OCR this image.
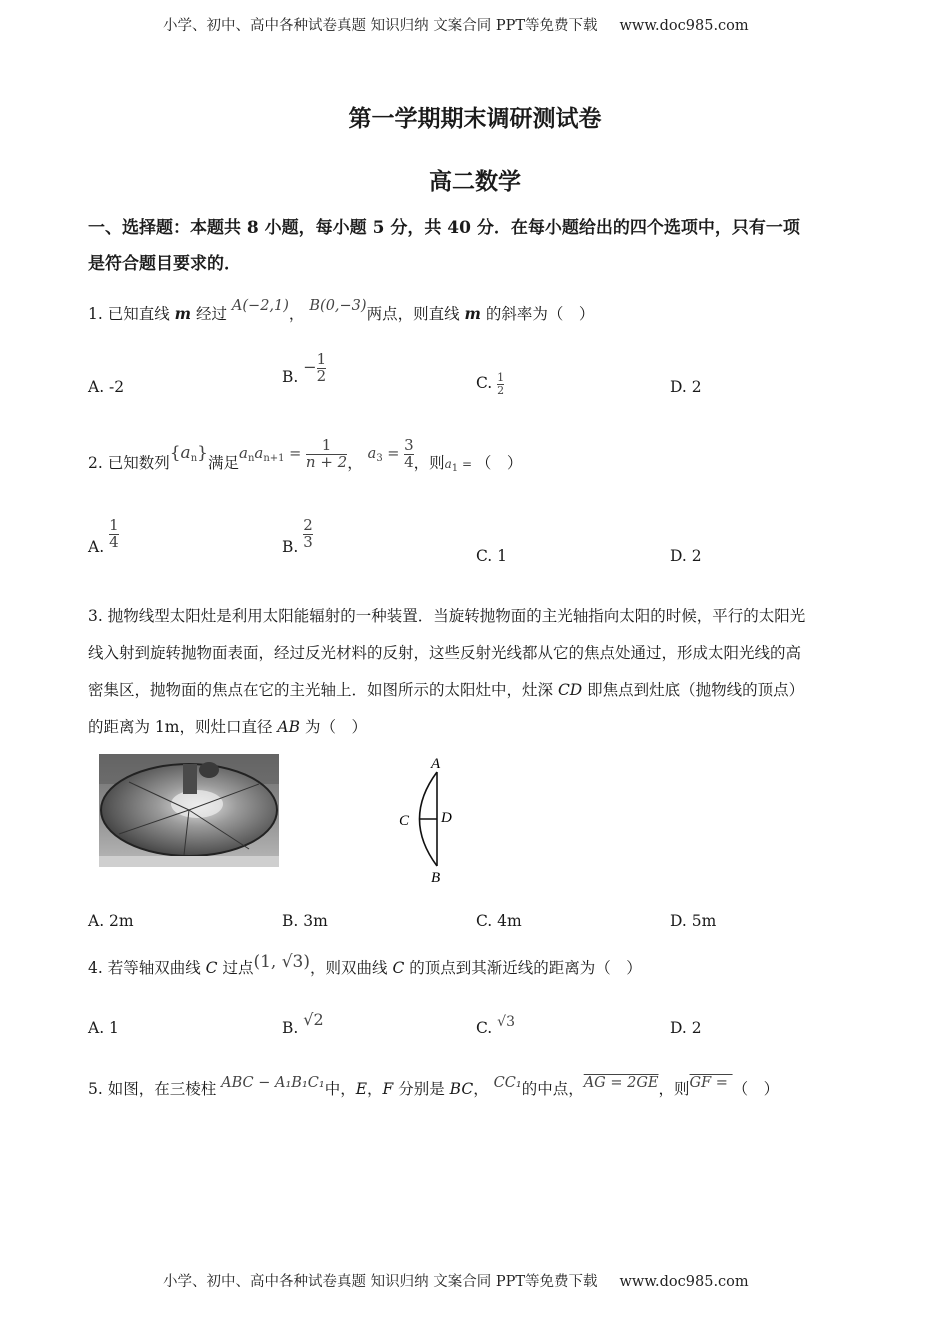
小学、初中、高中各种试卷真题 知识归纳 文案合同 PPT等免费下载 www.doc985.com
第一学期期末调研测试卷
高二数学
一、选择题：本题共 8 小题，每小题 5 分，共 40 分．在每小题给出的四个选项中，只有一项
是符合题目要求的．
1. 已知直线 m 经过 A(−2,1)， B(0,−3)两点，则直线 m 的斜率为（　）
A. -2
B. − $\frac{1}{2}$	C. $\frac{1}{2}$	D. 2
2. 已知数列$\{a_n\}$满足$a_na_{n+1} = \frac{1}{n + 2}$ ， $a_3 = \frac{3}{4}$ ，则$_{a_1}$ $_=$ （　）
A. $\frac{1}{4}$	B. $\frac{2}{3}$
C. 1	D. 2
3. 抛物线型太阳灶是利用太阳能辐射的一种装置．当旋转抛物面的主光轴指向太阳的时候，平行的太阳光
线入射到旋转抛物面表面，经过反光材料的反射，这些反射光线都从它的焦点处通过，形成太阳光线的高
密集区，抛物面的焦点在它的主光轴上．如图所示的太阳灶中，灶深 CD 即焦点到灶底（抛物线的顶点）
的距离为 1m，则灶口直径 AB 为（　）
A
B
C D
A. 2m	B. 3m	C. 4m	D. 5m
4. 若等轴双曲线 C 过点(1, √3)，则双曲线 C 的顶点到其渐近线的距离为（　）
A. 1	B. √2	C. √3	D. 2
5. 如图，在三棱柱 ABC − A₁B₁C₁中，E，F 分别是 BC， CC₁的中点，AG = 2GE，则GF = （　）
小学、初中、高中各种试卷真题 知识归纳 文案合同 PPT等免费下载 www.doc985.com
